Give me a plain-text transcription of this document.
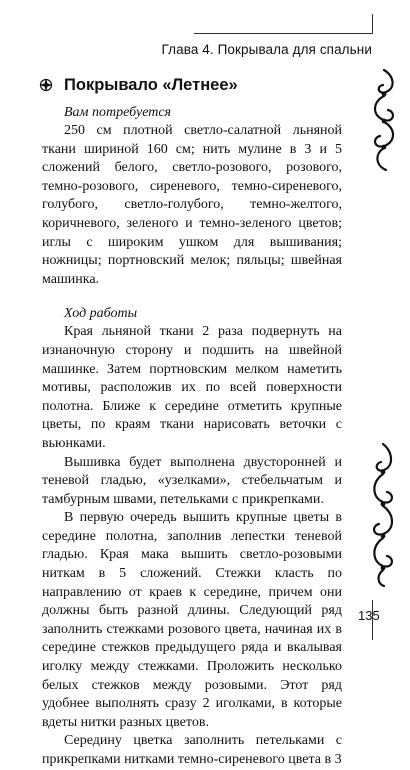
Глава 4. Покрывала для спальни
Покрывало «Летнее»
Вам потребуется

250 см плотной светло-салатной льняной ткани шириной 160 см; нить мулине в 3 и 5 сложений белого, светло-розового, розового, темно-розового, сиреневого, темно-сиреневого, голубого, светло-голубого, темно-желтого, коричневого, зеленого и темно-зеленого цветов; иглы с широким ушком для вышивания; ножницы; портновский мелок; пяльцы; швейная машинка.

Ход работы

Края льняной ткани 2 раза подвернуть на изнаночную сторону и подшить на швейной машинке. Затем портновским мелком наметить мотивы, расположив их по всей поверхности полотна. Ближе к середине отметить крупные цветы, по краям ткани нарисовать веточки с вьюнками.

Вышивка будет выполнена двусторонней и теневой гладью, «узелками», стебельчатым и тамбурным швами, петельками с прикрепками.

В первую очередь вышить крупные цветы в середине полотна, заполнив лепестки теневой гладью. Края мака вышить светло-розовыми ниткам в 5 сложений. Стежки класть по направлению от краев к середине, причем они должны быть разной длины. Следующий ряд заполнить стежками розового цвета, начиная их в середине стежков предыдущего ряда и вкалывая иголку между стежками. Проложить несколько белых стежков между розовыми. Этот ряд удобнее выполнять сразу 2 иголками, в которые вдеты нитки разных цветов.

Середину цветка заполнить петельками с прикрепками нитками темно-сиреневого цвета в 3

135
